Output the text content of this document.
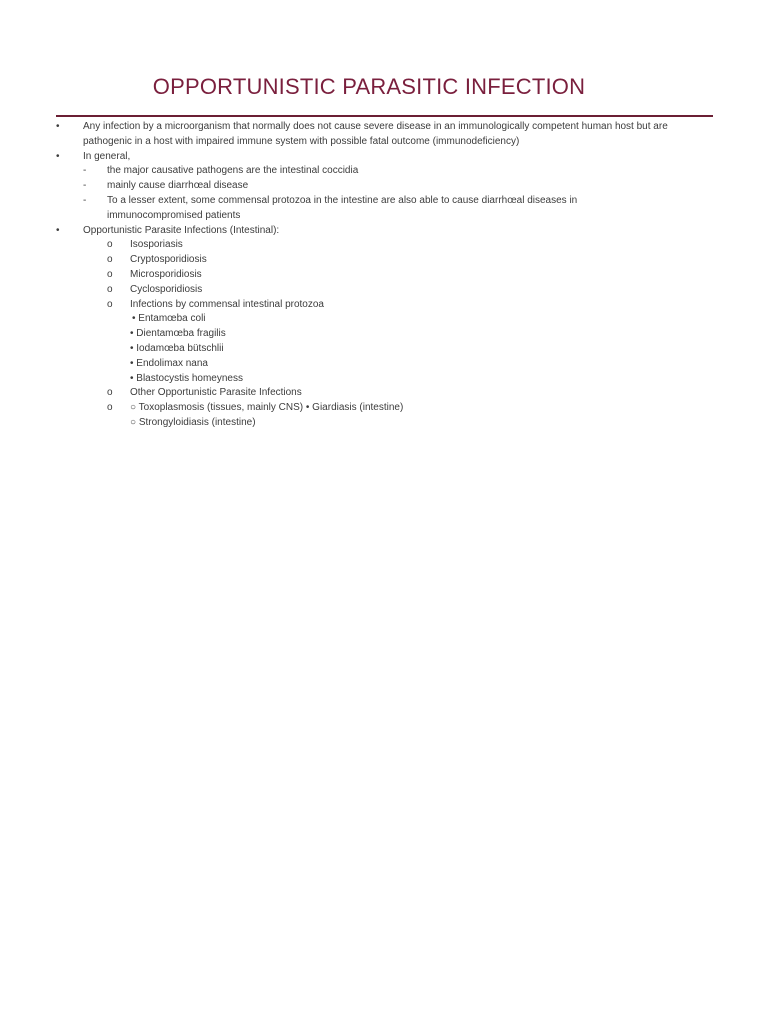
OPPORTUNISTIC PARASITIC INFECTION
• Any infection by a microorganism that normally does not cause severe disease in an immunologically competent human host but are pathogenic in a host with impaired immune system with possible fatal outcome (immunodeficiency)
• In general,
- the major causative pathogens are the intestinal coccidia
- mainly cause diarrhœal disease
- To a lesser extent, some commensal protozoa in the intestine are also able to cause diarrhœal diseases in immunocompromised patients
• Opportunistic Parasite Infections (Intestinal):
o Isosporiasis
o Cryptosporidiosis
o Microsporidiosis
o Cyclosporidiosis
o Infections by commensal intestinal protozoa
• Entamœba coli
• Dientamœba fragilis
• Iodamœba bütschlii
• Endolimax nana
• Blastocystis homeyness
o Other Opportunistic Parasite Infections
o ○ Toxoplasmosis (tissues, mainly CNS) • Giardiasis (intestine)
○ Strongyloidiasis (intestine)
